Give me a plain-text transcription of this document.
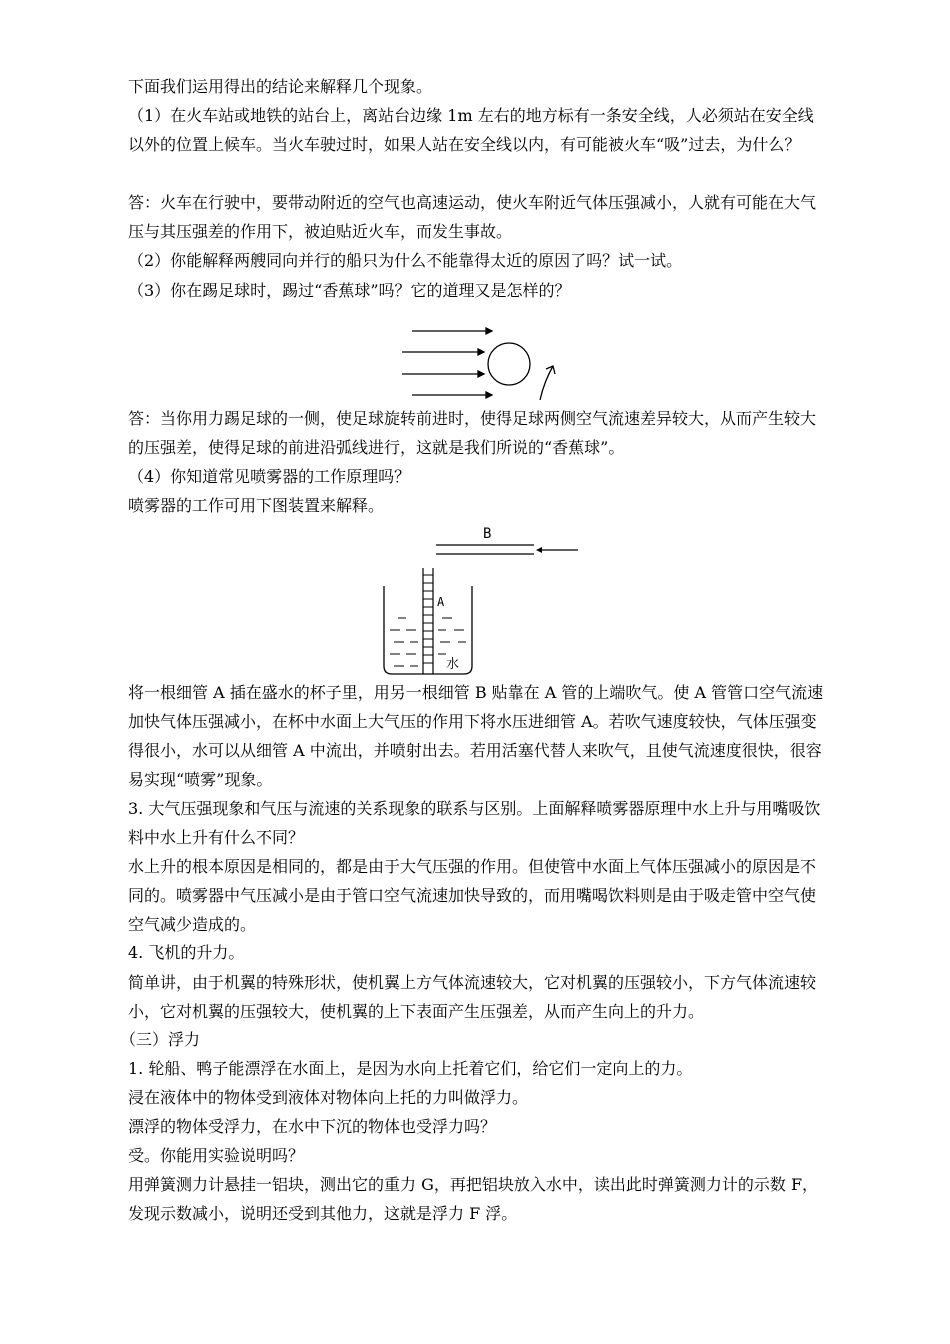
下面我们运用得出的结论来解释几个现象。

（1）在火车站或地铁的站台上，离站台边缘 1m 左右的地方标有一条安全线，人必须站在安全线以外的位置上候车。当火车驶过时，如果人站在安全线以内，有可能被火车“吸”过去，为什么？

答：火车在行驶中，要带动附近的空气也高速运动，使火车附近气体压强减小，人就有可能在大气压与其压强差的作用下，被迫贴近火车，而发生事故。

（2）你能解释两艘同向并行的船只为什么不能靠得太近的原因了吗？试一试。

（3）你在踢足球时，踢过“香蕉球”吗？它的道理又是怎样的？

答：当你用力踢足球的一侧，使足球旋转前进时，使得足球两侧空气流速差异较大，从而产生较大的压强差，使得足球的前进沿弧线进行，这就是我们所说的“香蕉球”。

（4）你知道常见喷雾器的工作原理吗？

喷雾器的工作可用下图装置来解释。

B
A
水

将一根细管 A 插在盛水的杯子里，用另一根细管 B 贴靠在 A 管的上端吹气。使 A 管管口空气流速加快气体压强减小，在杯中水面上大气压的作用下将水压进细管 A。若吹气速度较快，气体压强变得很小，水可以从细管 A 中流出，并喷射出去。若用活塞代替人来吹气，且使气流速度很快，很容易实现“喷雾”现象。

3. 大气压强现象和气压与流速的关系现象的联系与区别。上面解释喷雾器原理中水上升与用嘴吸饮料中水上升有什么不同？

水上升的根本原因是相同的，都是由于大气压强的作用。但使管中水面上气体压强减小的原因是不同的。喷雾器中气压减小是由于管口空气流速加快导致的，而用嘴喝饮料则是由于吸走管中空气使空气减少造成的。

4. 飞机的升力。

简单讲，由于机翼的特殊形状，使机翼上方气体流速较大，它对机翼的压强较小，下方气体流速较小，它对机翼的压强较大，使机翼的上下表面产生压强差，从而产生向上的升力。

（三）浮力

1. 轮船、鸭子能漂浮在水面上，是因为水向上托着它们，给它们一定向上的力。

浸在液体中的物体受到液体对物体向上托的力叫做浮力。

漂浮的物体受浮力，在水中下沉的物体也受浮力吗？

受。你能用实验说明吗？

用弹簧测力计悬挂一铝块，测出它的重力 G，再把铝块放入水中，读出此时弹簧测力计的示数 F，发现示数减小，说明还受到其他力，这就是浮力 F 浮。
